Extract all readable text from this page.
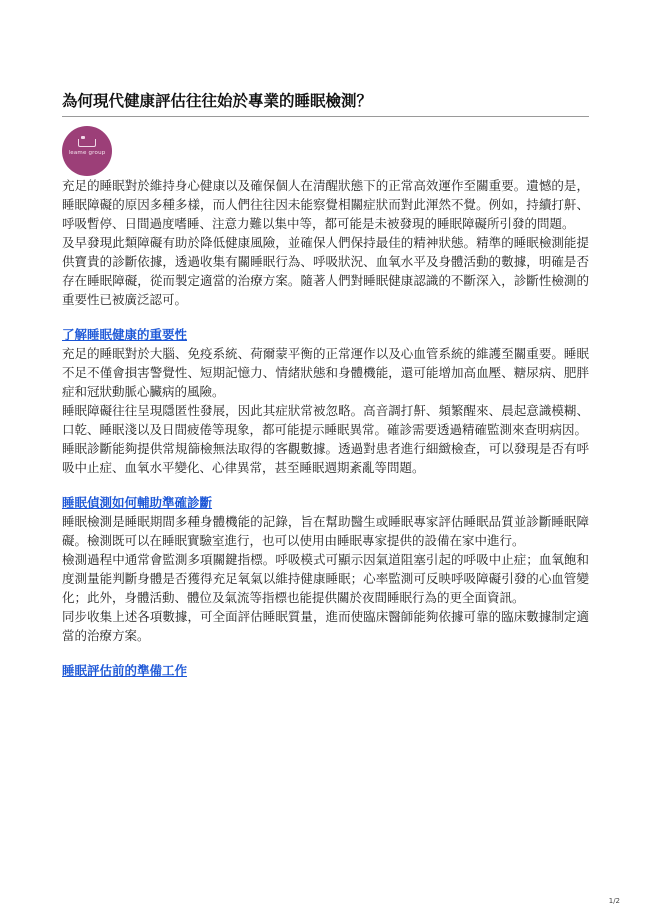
為何現代健康評估往往始於專業的睡眠檢測？
leame group

充足的睡眠對於維持身心健康以及確保個人在清醒狀態下的正常高效運作至關重要。遺憾的是，睡眠障礙的原因多種多樣，而人們往往因未能察覺相關症狀而對此渾然不覺。例如，持續打鼾、呼吸暫停、日間過度嗜睡、注意力難以集中等，都可能是未被發現的睡眠障礙所引發的問題。

及早發現此類障礙有助於降低健康風險，並確保人們保持最佳的精神狀態。精準的睡眠檢測能提供寶貴的診斷依據，透過收集有關睡眠行為、呼吸狀況、血氧水平及身體活動的數據，明確是否存在睡眠障礙，從而製定適當的治療方案。隨著人們對睡眠健康認識的不斷深入，診斷性檢測的重要性已被廣泛認可。

了解睡眠健康的重要性

充足的睡眠對於大腦、免疫系統、荷爾蒙平衡的正常運作以及心血管系統的維護至關重要。睡眠不足不僅會損害警覺性、短期記憶力、情緒狀態和身體機能，還可能增加高血壓、糖尿病、肥胖症和冠狀動脈心臟病的風險。

睡眠障礙往往呈現隱匿性發展，因此其症狀常被忽略。高音調打鼾、頻繁醒來、晨起意識模糊、口乾、睡眠淺以及日間疲倦等現象，都可能提示睡眠異常。確診需要透過精確監測來查明病因。

睡眠診斷能夠提供常規篩檢無法取得的客觀數據。透過對患者進行細緻檢查，可以發現是否有呼吸中止症、血氧水平變化、心律異常，甚至睡眠週期紊亂等問題。

睡眠偵測如何輔助準確診斷

睡眠檢測是睡眠期間多種身體機能的記錄，旨在幫助醫生或睡眠專家評估睡眠品質並診斷睡眠障礙。檢測既可以在睡眠實驗室進行，也可以使用由睡眠專家提供的設備在家中進行。

檢測過程中通常會監測多項關鍵指標。呼吸模式可顯示因氣道阻塞引起的呼吸中止症；血氧飽和度測量能判斷身體是否獲得充足氧氣以維持健康睡眠；心率監測可反映呼吸障礙引發的心血管變化；此外，身體活動、體位及氣流等指標也能提供關於夜間睡眠行為的更全面資訊。

同步收集上述各項數據，可全面評估睡眠質量，進而使臨床醫師能夠依據可靠的臨床數據制定適當的治療方案。

睡眠評估前的準備工作
1/2
